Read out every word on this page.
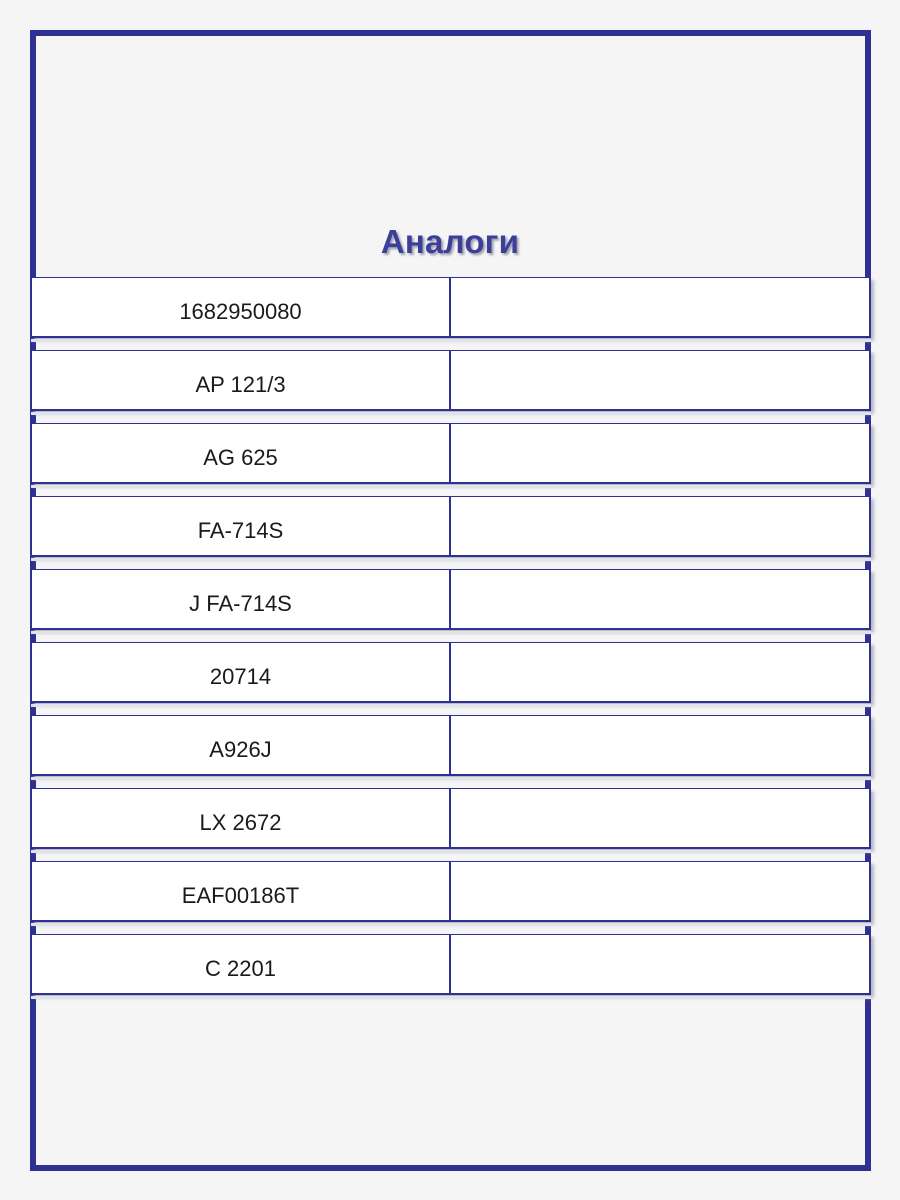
Аналоги
1682950080
AP 121/3
AG 625
FA-714S
J FA-714S
20714
A926J
LX 2672
EAF00186T
C 2201
